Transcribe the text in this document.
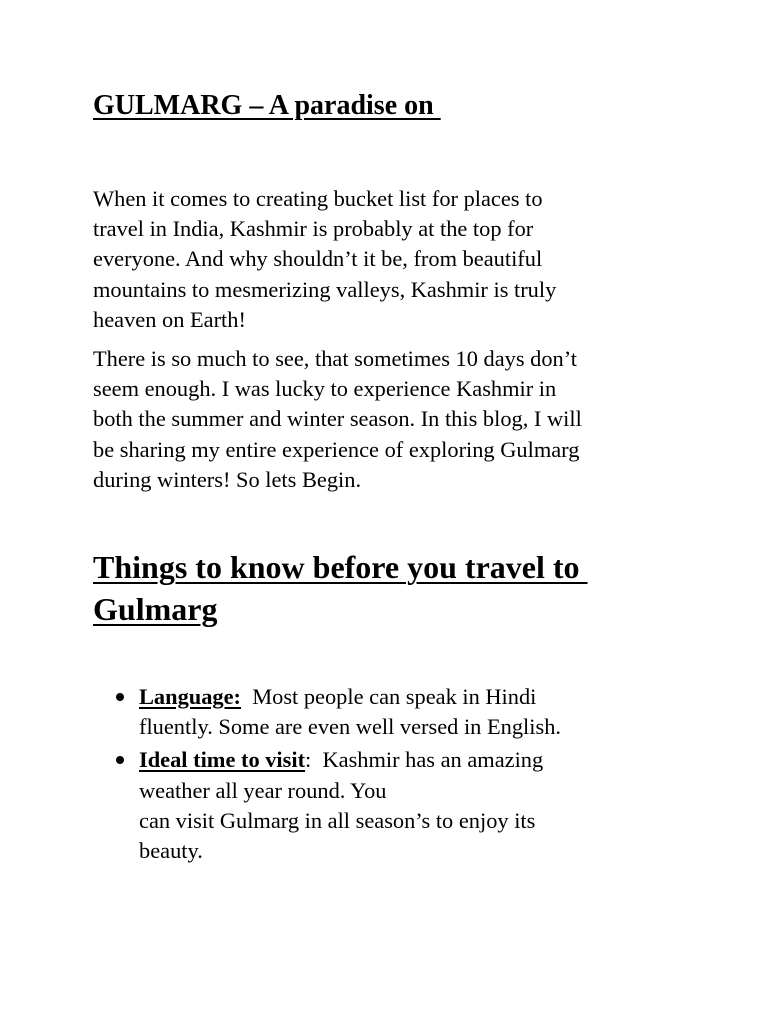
GULMARG – A paradise on

When it comes to creating bucket list for places to
travel in India, Kashmir is probably at the top for
everyone. And why shouldn’t it be, from beautiful
mountains to mesmerizing valleys, Kashmir is truly
heaven on Earth!

There is so much to see, that sometimes 10 days don’t
seem enough. I was lucky to experience Kashmir in
both the summer and winter season. In this blog, I will
be sharing my entire experience of exploring Gulmarg
during winters! So lets Begin.

Things to know before you travel to
Gulmarg
Language:  Most people can speak in Hindi
fluently. Some are even well versed in English.
Ideal time to visit:  Kashmir has an amazing
weather all year round. You
can visit Gulmarg in all season’s to enjoy its
beauty.
